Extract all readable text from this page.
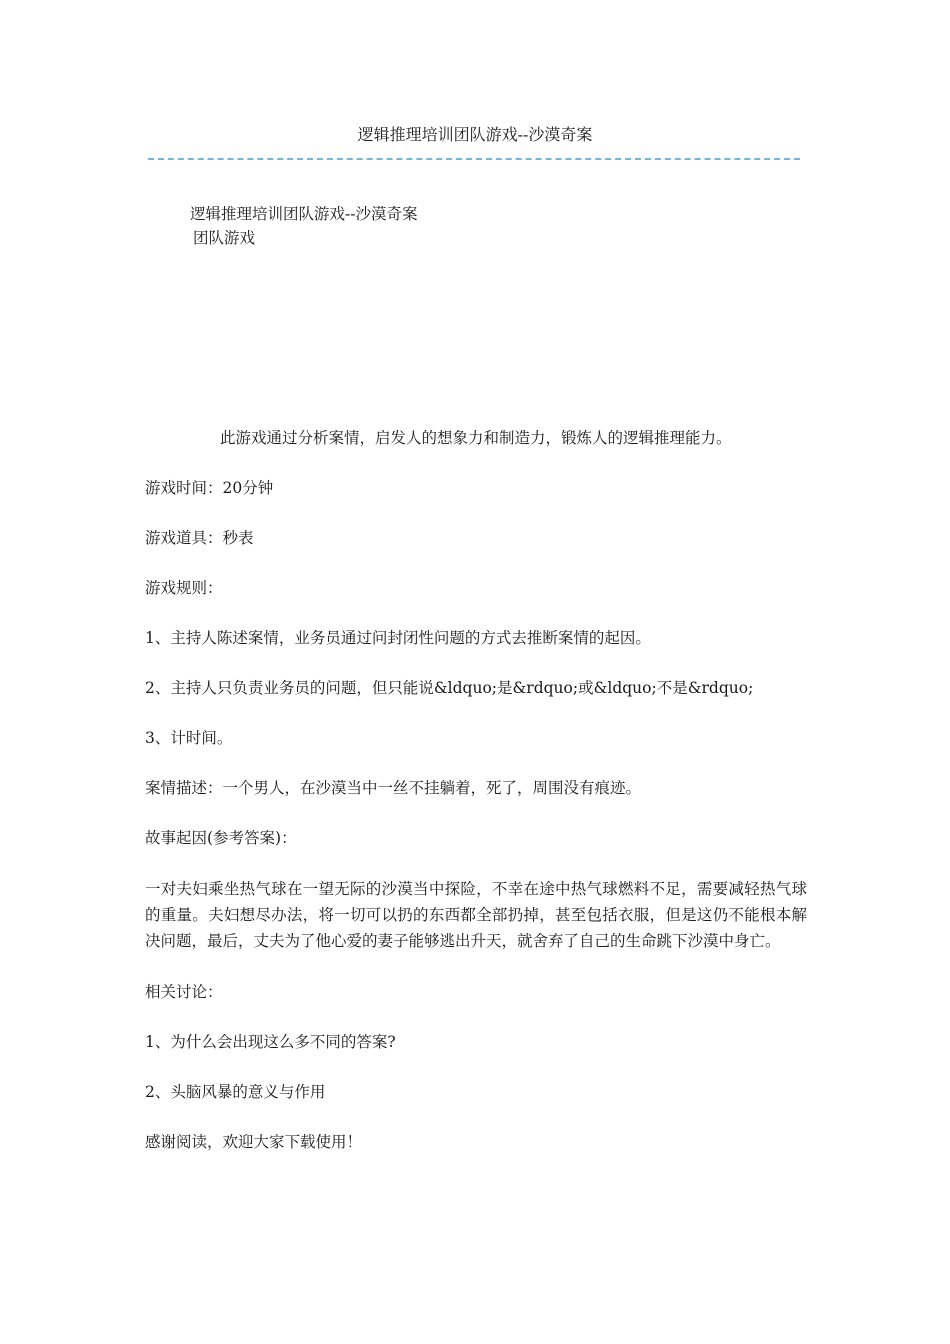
逻辑推理培训团队游戏--沙漠奇案
逻辑推理培训团队游戏--沙漠奇案
团队游戏

此游戏通过分析案情，启发人的想象力和制造力，锻炼人的逻辑推理能力。

游戏时间：20分钟

游戏道具：秒表

游戏规则：

1、主持人陈述案情，业务员通过问封闭性问题的方式去推断案情的起因。

2、主持人只负责业务员的问题，但只能说&ldquo;是&rdquo;或&ldquo;不是&rdquo;

3、计时间。

案情描述：一个男人，在沙漠当中一丝不挂躺着，死了，周围没有痕迹。

故事起因(参考答案)：

一对夫妇乘坐热气球在一望无际的沙漠当中探险，不幸在途中热气球燃料不足，需要减轻热气球的重量。夫妇想尽办法，将一切可以扔的东西都全部扔掉，甚至包括衣服，但是这仍不能根本解决问题，最后，丈夫为了他心爱的妻子能够逃出升天，就舍弃了自己的生命跳下沙漠中身亡。

相关讨论：

1、为什么会出现这么多不同的答案?

2、头脑风暴的意义与作用

感谢阅读，欢迎大家下载使用！
